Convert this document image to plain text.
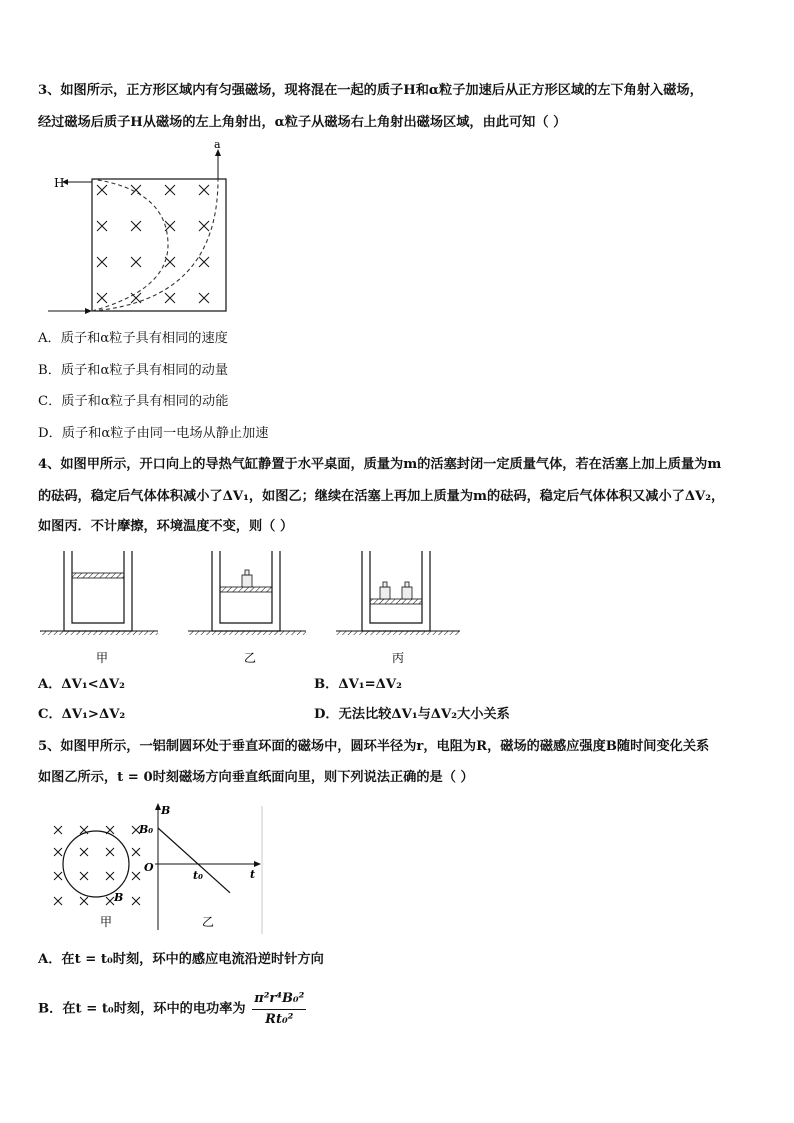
3、如图所示，正方形区域内有匀强磁场，现将混在一起的质子H和α粒子加速后从正方形区域的左下角射入磁场，
经过磁场后质子H从磁场的左上角射出，α粒子从磁场右上角射出磁场区域，由此可知（ ）
H
a
A．质子和α粒子具有相同的速度
B．质子和α粒子具有相同的动量
C．质子和α粒子具有相同的动能
D．质子和α粒子由同一电场从静止加速
4、如图甲所示，开口向上的导热气缸静置于水平桌面，质量为m的活塞封闭一定质量气体，若在活塞上加上质量为m
的砝码，稳定后气体体积减小了ΔV₁，如图乙；继续在活塞上再加上质量为m的砝码，稳定后气体体积又减小了ΔV₂，
如图丙．不计摩擦，环境温度不变，则（ ）
甲	乙	丙
A．ΔV₁<ΔV₂	B．ΔV₁=ΔV₂
C．ΔV₁>ΔV₂	D．无法比较ΔV₁与ΔV₂大小关系
5、如图甲所示，一铝制圆环处于垂直环面的磁场中，圆环半径为r，电阻为R，磁场的磁感应强度B随时间变化关系
如图乙所示，t = 0时刻磁场方向垂直纸面向里，则下列说法正确的是（ ）
B
甲
B
t
O
B₀
t₀
乙
A．在t = t₀时刻，环中的感应电流沿逆时针方向
B．在t = t₀时刻，环中的电功率为 $\frac{\text{π²r⁴B₀²}}{\text{Rt₀²}}$
